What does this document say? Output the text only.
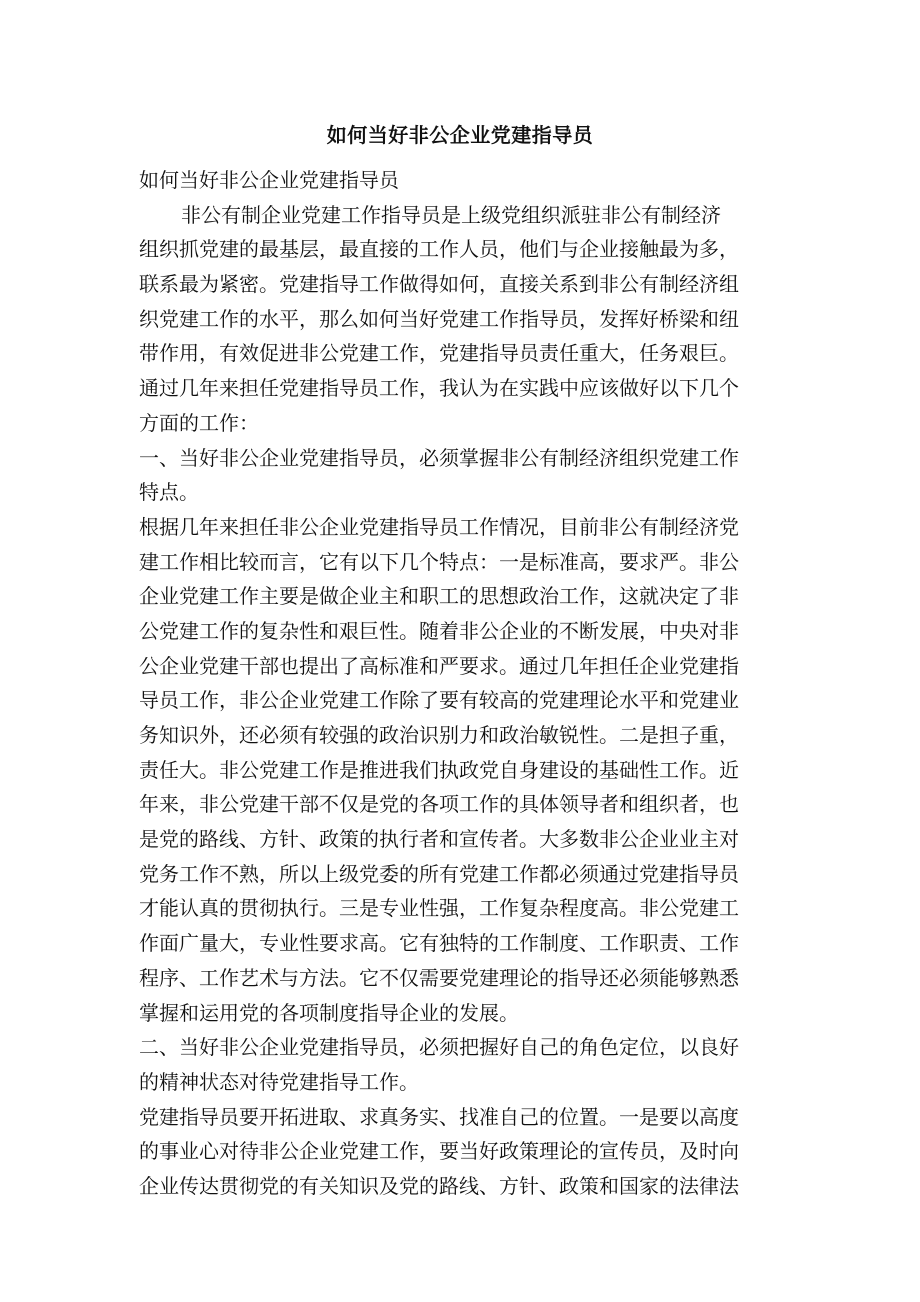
如何当好非公企业党建指导员
如何当好非公企业党建指导员
非公有制企业党建工作指导员是上级党组织派驻非公有制经济
组织抓党建的最基层，最直接的工作人员，他们与企业接触最为多，
联系最为紧密。党建指导工作做得如何，直接关系到非公有制经济组
织党建工作的水平，那么如何当好党建工作指导员，发挥好桥梁和纽
带作用，有效促进非公党建工作，党建指导员责任重大，任务艰巨。
通过几年来担任党建指导员工作，我认为在实践中应该做好以下几个
方面的工作：
一、当好非公企业党建指导员，必须掌握非公有制经济组织党建工作
特点。
根据几年来担任非公企业党建指导员工作情况，目前非公有制经济党
建工作相比较而言，它有以下几个特点：一是标准高，要求严。非公
企业党建工作主要是做企业主和职工的思想政治工作，这就决定了非
公党建工作的复杂性和艰巨性。随着非公企业的不断发展，中央对非
公企业党建干部也提出了高标准和严要求。通过几年担任企业党建指
导员工作，非公企业党建工作除了要有较高的党建理论水平和党建业
务知识外，还必须有较强的政治识别力和政治敏锐性。二是担子重，
责任大。非公党建工作是推进我们执政党自身建设的基础性工作。近
年来，非公党建干部不仅是党的各项工作的具体领导者和组织者，也
是党的路线、方针、政策的执行者和宣传者。大多数非公企业业主对
党务工作不熟，所以上级党委的所有党建工作都必须通过党建指导员
才能认真的贯彻执行。三是专业性强，工作复杂程度高。非公党建工
作面广量大，专业性要求高。它有独特的工作制度、工作职责、工作
程序、工作艺术与方法。它不仅需要党建理论的指导还必须能够熟悉
掌握和运用党的各项制度指导企业的发展。
二、当好非公企业党建指导员，必须把握好自己的角色定位，以良好
的精神状态对待党建指导工作。
党建指导员要开拓进取、求真务实、找准自己的位置。一是要以高度
的事业心对待非公企业党建工作，要当好政策理论的宣传员，及时向
企业传达贯彻党的有关知识及党的路线、方针、政策和国家的法律法
